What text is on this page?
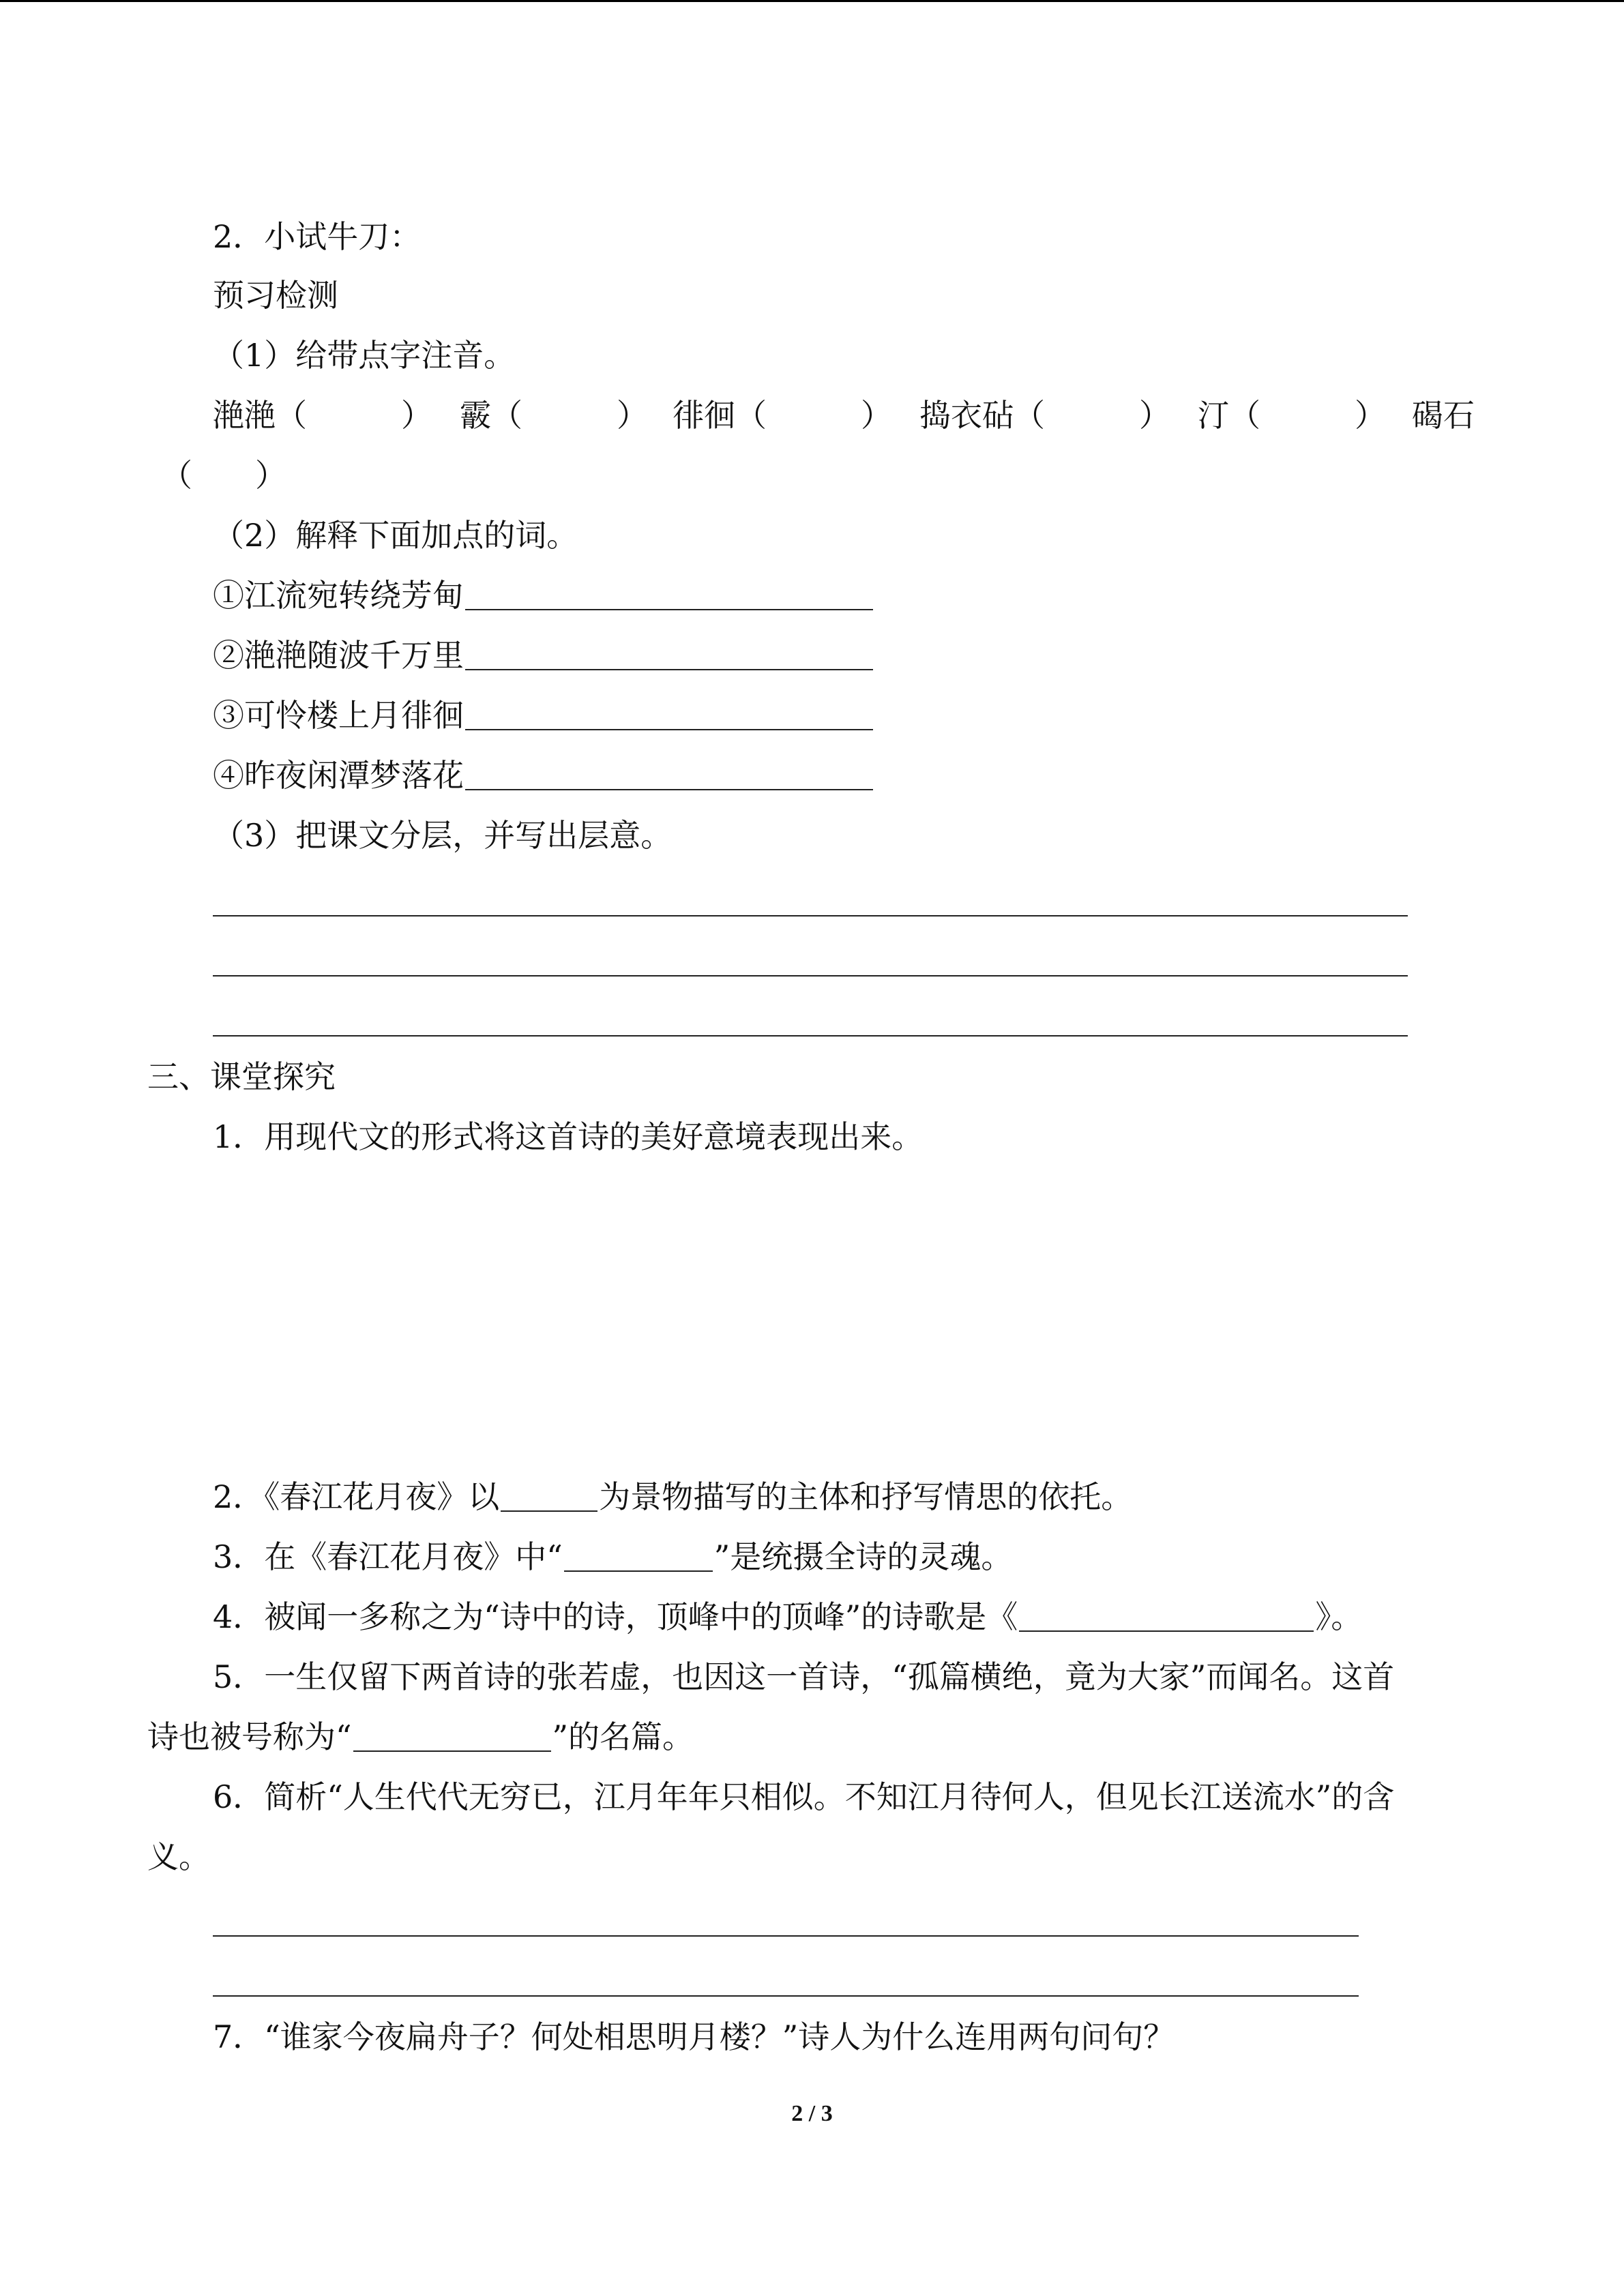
2．小试牛刀：
预习检测
（1）给带点字注音。
滟滟（　　　） 霰（　　　） 徘徊（　　　） 捣衣砧（　　　） 汀（　　　） 碣石
（　　）
（2）解释下面加点的词。
①江流宛转绕芳甸
②滟滟随波千万里
③可怜楼上月徘徊
④昨夜闲潭梦落花
（3）把课文分层，并写出层意。
三、课堂探究
1．用现代文的形式将这首诗的美好意境表现出来。
2．《春江花月夜》以	为景物描写的主体和抒写情思的依托。
3．在《春江花月夜》中“	”是统摄全诗的灵魂。
4．被闻一多称之为“诗中的诗，顶峰中的顶峰”的诗歌是《	》。
5．一生仅留下两首诗的张若虚，也因这一首诗，“孤篇横绝，竟为大家”而闻名。这首
诗也被号称为“	”的名篇。
6．简析“人生代代无穷已，江月年年只相似。不知江月待何人，但见长江送流水”的含
义。
7．“谁家今夜扁舟子？何处相思明月楼？”诗人为什么连用两句问句？
2 / 3
